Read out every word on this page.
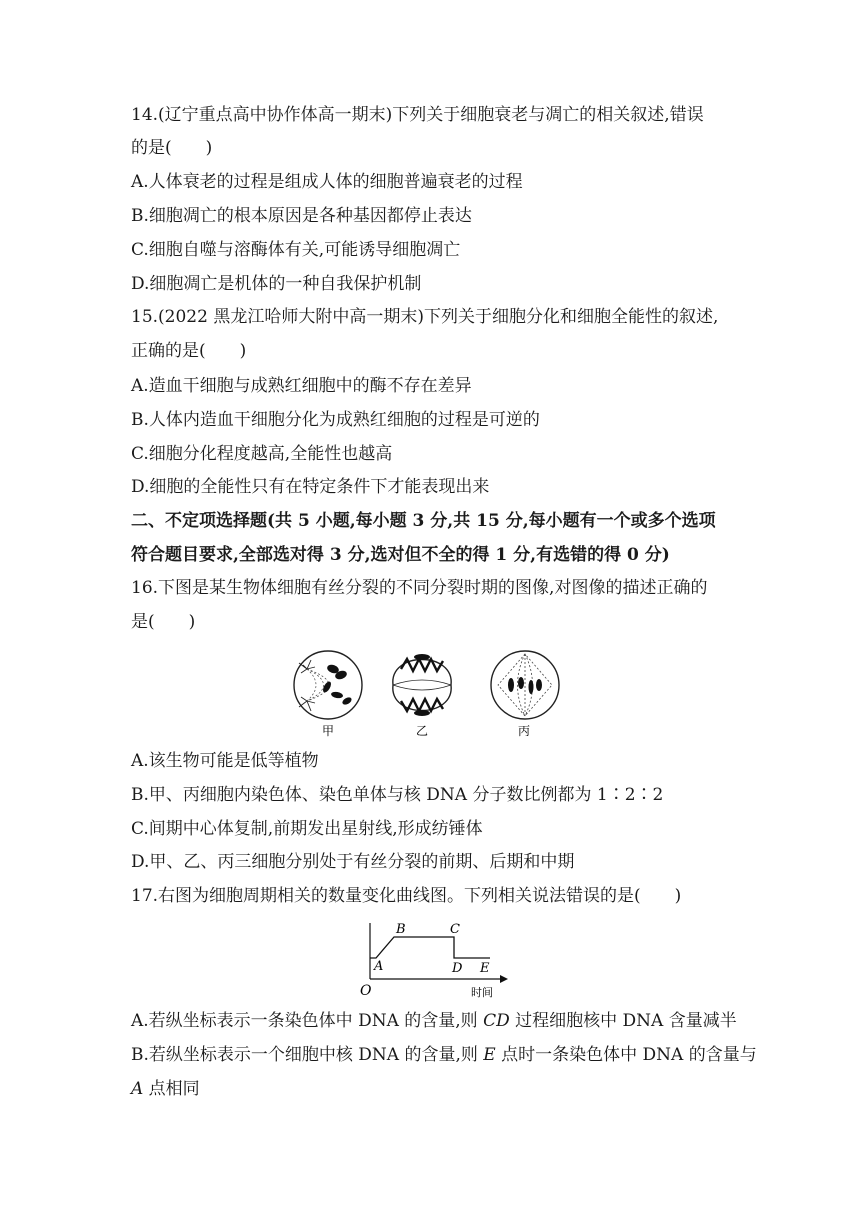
14.(辽宁重点高中协作体高一期末)下列关于细胞衰老与凋亡的相关叙述,错误
的是(　　)
A.人体衰老的过程是组成人体的细胞普遍衰老的过程
B.细胞凋亡的根本原因是各种基因都停止表达
C.细胞自噬与溶酶体有关,可能诱导细胞凋亡
D.细胞凋亡是机体的一种自我保护机制
15.(2022 黑龙江哈师大附中高一期末)下列关于细胞分化和细胞全能性的叙述,
正确的是(　　)
A.造血干细胞与成熟红细胞中的酶不存在差异
B.人体内造血干细胞分化为成熟红细胞的过程是可逆的
C.细胞分化程度越高,全能性也越高
D.细胞的全能性只有在特定条件下才能表现出来
二、不定项选择题(共 5 小题,每小题 3 分,共 15 分,每小题有一个或多个选项
符合题目要求,全部选对得 3 分,选对但不全的得 1 分,有选错的得 0 分)
16.下图是某生物体细胞有丝分裂的不同分裂时期的图像,对图像的描述正确的
是(　　)
甲	乙	丙
A.该生物可能是低等植物
B.甲、丙细胞内染色体、染色单体与核 DNA 分子数比例都为 1∶2∶2
C.间期中心体复制,前期发出星射线,形成纺锤体
D.甲、乙、丙三细胞分别处于有丝分裂的前期、后期和中期
17.右图为细胞周期相关的数量变化曲线图。下列相关说法错误的是(　　)
O
A
B	C
D E
时间
A.若纵坐标表示一条染色体中 DNA 的含量,则 CD 过程细胞核中 DNA 含量减半
B.若纵坐标表示一个细胞中核 DNA 的含量,则 E 点时一条染色体中 DNA 的含量与
A 点相同
